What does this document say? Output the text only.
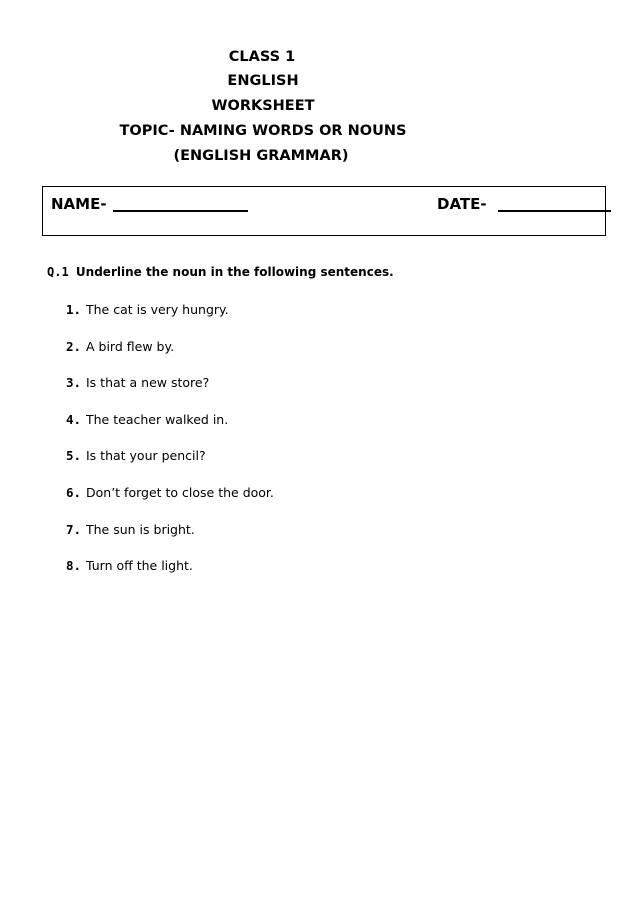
CLASS 1
ENGLISH
WORKSHEET
TOPIC- NAMING WORDS OR NOUNS
(ENGLISH GRAMMAR)
NAME-	DATE-
Q.1 Underline the noun in the following sentences.
1. The cat is very hungry.
2. A bird flew by.
3. Is that a new store?
4. The teacher walked in.
5. Is that your pencil?
6. Don’t forget to close the door.
7. The sun is bright.
8. Turn off the light.
